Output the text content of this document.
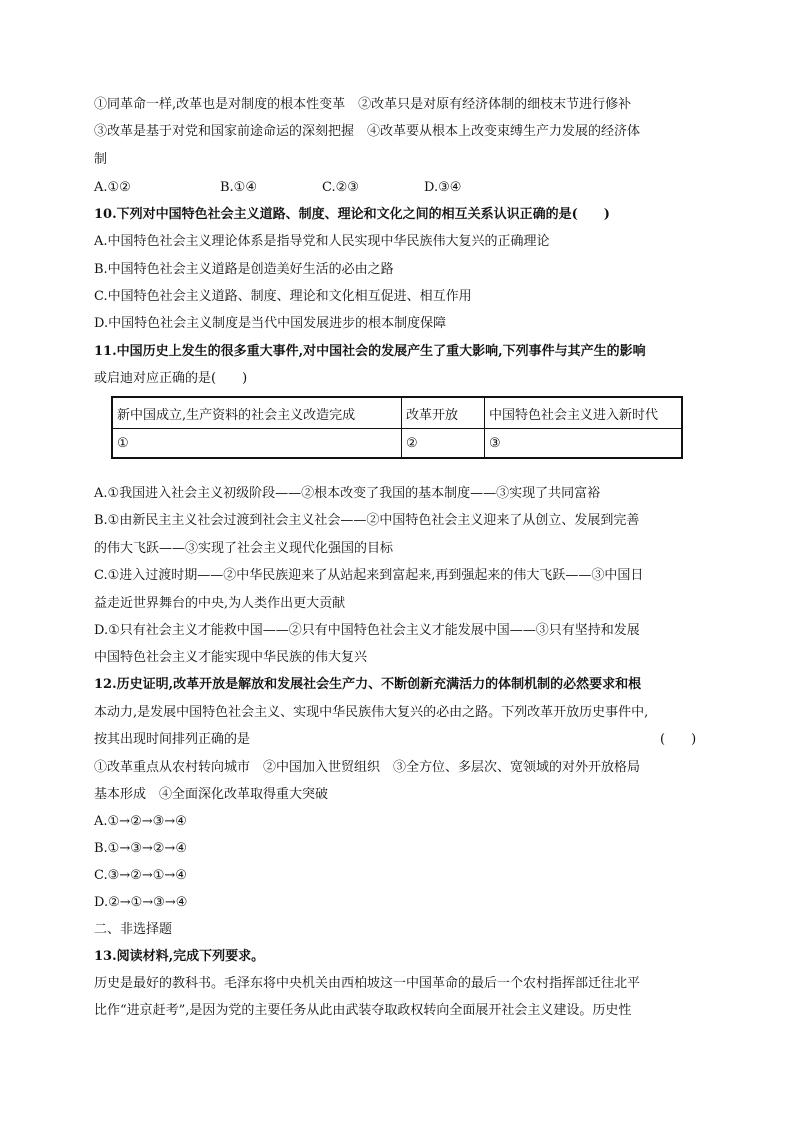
①同革命一样,改革也是对制度的根本性变革　②改革只是对原有经济体制的细枝末节进行修补
③改革是基于对党和国家前途命运的深刻把握　④改革要从根本上改变束缚生产力发展的经济体
制
A.①②	B.①④	C.②③	D.③④
10.下列对中国特色社会主义道路、制度、理论和文化之间的相互关系认识正确的是(　　)
A.中国特色社会主义理论体系是指导党和人民实现中华民族伟大复兴的正确理论
B.中国特色社会主义道路是创造美好生活的必由之路
C.中国特色社会主义道路、制度、理论和文化相互促进、相互作用
D.中国特色社会主义制度是当代中国发展进步的根本制度保障
11.中国历史上发生的很多重大事件,对中国社会的发展产生了重大影响,下列事件与其产生的影响
或启迪对应正确的是(　　)
新中国成立,生产资料的社会主义改造完成	改革开放	中国特色社会主义进入新时代
①	②	③
A.①我国进入社会主义初级阶段——②根本改变了我国的基本制度——③实现了共同富裕
B.①由新民主主义社会过渡到社会主义社会——②中国特色社会主义迎来了从创立、发展到完善
的伟大飞跃——③实现了社会主义现代化强国的目标
C.①进入过渡时期——②中华民族迎来了从站起来到富起来,再到强起来的伟大飞跃——③中国日
益走近世界舞台的中央,为人类作出更大贡献
D.①只有社会主义才能救中国——②只有中国特色社会主义才能发展中国——③只有坚持和发展
中国特色社会主义才能实现中华民族的伟大复兴
12.历史证明,改革开放是解放和发展社会生产力、不断创新充满活力的体制机制的必然要求和根
本动力,是发展中国特色社会主义、实现中华民族伟大复兴的必由之路。下列改革开放历史事件中,
按其出现时间排列正确的是	(　　)
①改革重点从农村转向城市　②中国加入世贸组织　③全方位、多层次、宽领域的对外开放格局
基本形成　④全面深化改革取得重大突破
A.①→②→③→④
B.①→③→②→④
C.③→②→①→④
D.②→①→③→④
二、非选择题
13.阅读材料,完成下列要求。
历史是最好的教科书。毛泽东将中央机关由西柏坡这一中国革命的最后一个农村指挥部迁往北平
比作“进京赶考”,是因为党的主要任务从此由武装夺取政权转向全面展开社会主义建设。历史性
